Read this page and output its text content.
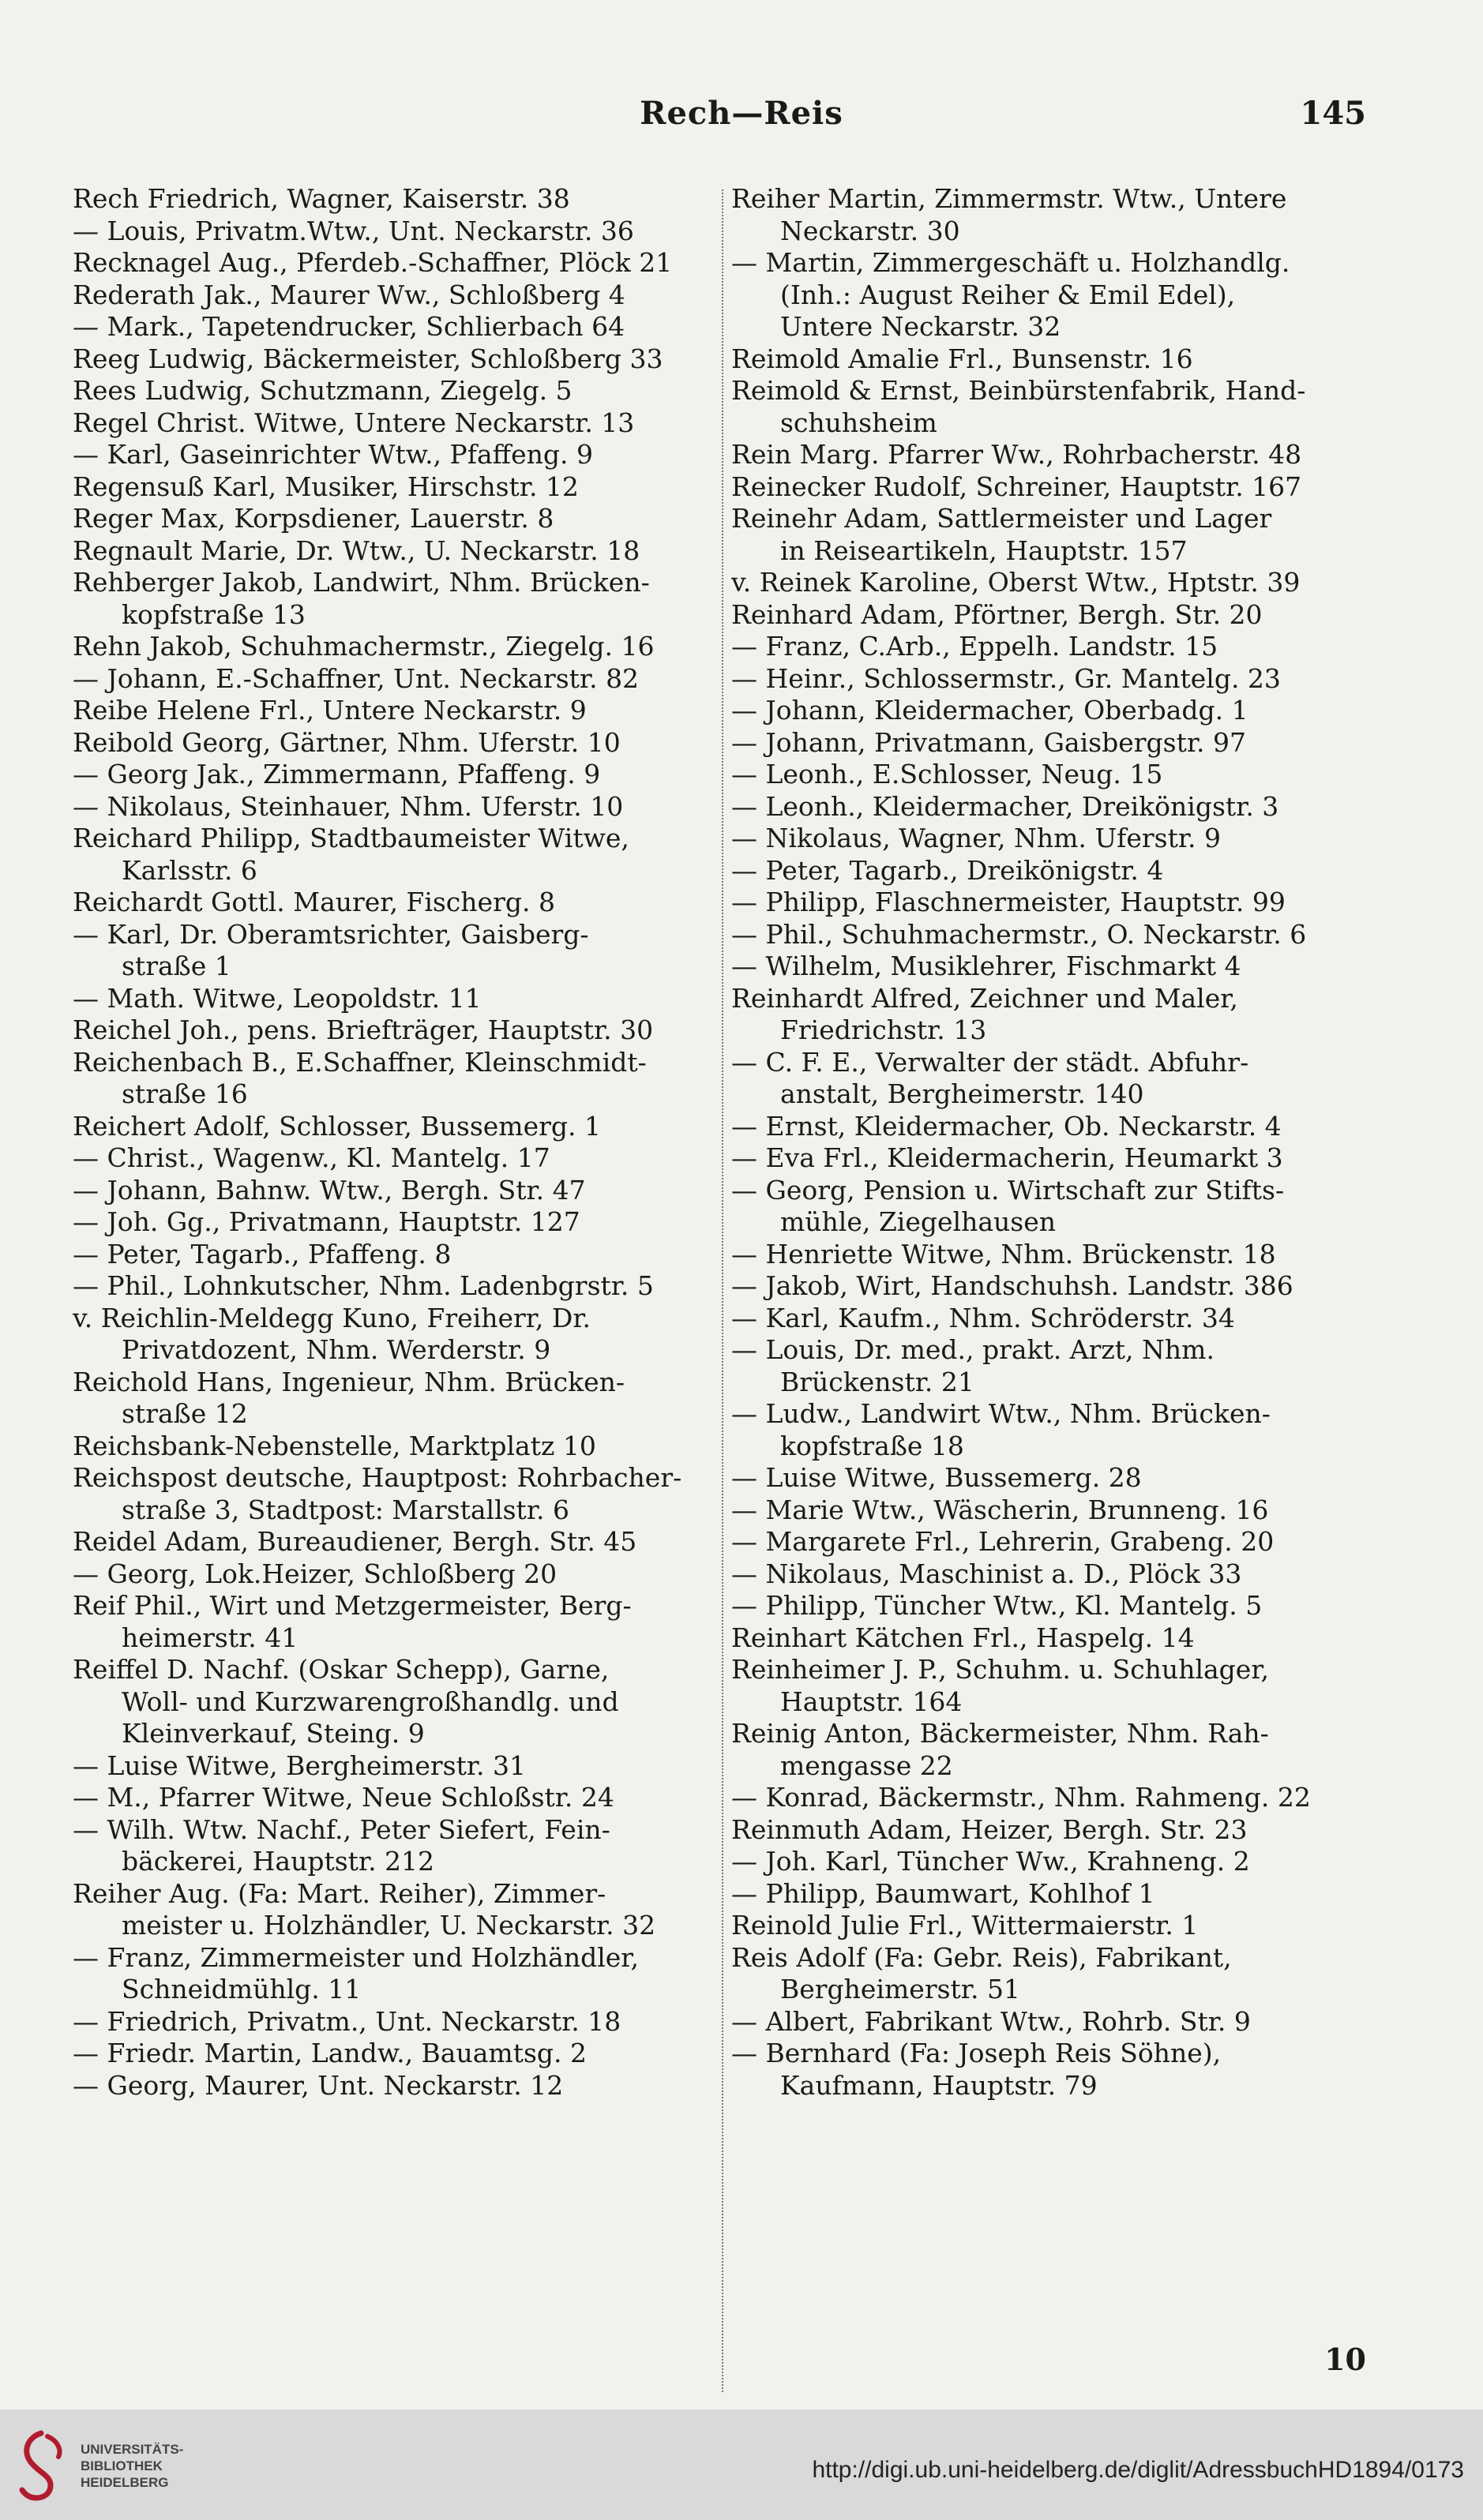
Rech—Reis	145
Rech Friedrich, Wagner, Kaiserstr. 38
— Louis, Privatm.Wtw., Unt. Neckarstr. 36
Recknagel Aug., Pferdeb.-Schaffner, Plöck 21
Rederath Jak., Maurer Ww., Schloßberg 4
— Mark., Tapetendrucker, Schlierbach 64
Reeg Ludwig, Bäckermeister, Schloßberg 33
Rees Ludwig, Schutzmann, Ziegelg. 5
Regel Christ. Witwe, Untere Neckarstr. 13
— Karl, Gaseinrichter Wtw., Pfaffeng. 9
Regensuß Karl, Musiker, Hirschstr. 12
Reger Max, Korpsdiener, Lauerstr. 8
Regnault Marie, Dr. Wtw., U. Neckarstr. 18
Rehberger Jakob, Landwirt, Nhm. Brücken-
kopfstraße 13
Rehn Jakob, Schuhmachermstr., Ziegelg. 16
— Johann, E.-Schaffner, Unt. Neckarstr. 82
Reibe Helene Frl., Untere Neckarstr. 9
Reibold Georg, Gärtner, Nhm. Uferstr. 10
— Georg Jak., Zimmermann, Pfaffeng. 9
— Nikolaus, Steinhauer, Nhm. Uferstr. 10
Reichard Philipp, Stadtbaumeister Witwe,
Karlsstr. 6
Reichardt Gottl. Maurer, Fischerg. 8
— Karl, Dr. Oberamtsrichter, Gaisberg-
straße 1
— Math. Witwe, Leopoldstr. 11
Reichel Joh., pens. Briefträger, Hauptstr. 30
Reichenbach B., E.Schaffner, Kleinschmidt-
straße 16
Reichert Adolf, Schlosser, Bussemerg. 1
— Christ., Wagenw., Kl. Mantelg. 17
— Johann, Bahnw. Wtw., Bergh. Str. 47
— Joh. Gg., Privatmann, Hauptstr. 127
— Peter, Tagarb., Pfaffeng. 8
— Phil., Lohnkutscher, Nhm. Ladenbgrstr. 5
v. Reichlin-Meldegg Kuno, Freiherr, Dr.
Privatdozent, Nhm. Werderstr. 9
Reichold Hans, Ingenieur, Nhm. Brücken-
straße 12
Reichsbank-Nebenstelle, Marktplatz 10
Reichspost deutsche, Hauptpost: Rohrbacher-
straße 3, Stadtpost: Marstallstr. 6
Reidel Adam, Bureaudiener, Bergh. Str. 45
— Georg, Lok.Heizer, Schloßberg 20
Reif Phil., Wirt und Metzgermeister, Berg-
heimerstr. 41
Reiffel D. Nachf. (Oskar Schepp), Garne,
Woll- und Kurzwarengroßhandlg. und
Kleinverkauf, Steing. 9
— Luise Witwe, Bergheimerstr. 31
— M., Pfarrer Witwe, Neue Schloßstr. 24
— Wilh. Wtw. Nachf., Peter Siefert, Fein-
bäckerei, Hauptstr. 212
Reiher Aug. (Fa: Mart. Reiher), Zimmer-
meister u. Holzhändler, U. Neckarstr. 32
— Franz, Zimmermeister und Holzhändler,
Schneidmühlg. 11
— Friedrich, Privatm., Unt. Neckarstr. 18
— Friedr. Martin, Landw., Bauamtsg. 2
— Georg, Maurer, Unt. Neckarstr. 12
Reiher Martin, Zimmermstr. Wtw., Untere
Neckarstr. 30
— Martin, Zimmergeschäft u. Holzhandlg.
(Inh.: August Reiher & Emil Edel),
Untere Neckarstr. 32
Reimold Amalie Frl., Bunsenstr. 16
Reimold & Ernst, Beinbürstenfabrik, Hand-
schuhsheim
Rein Marg. Pfarrer Ww., Rohrbacherstr. 48
Reinecker Rudolf, Schreiner, Hauptstr. 167
Reinehr Adam, Sattlermeister und Lager
in Reiseartikeln, Hauptstr. 157
v. Reinek Karoline, Oberst Wtw., Hptstr. 39
Reinhard Adam, Pförtner, Bergh. Str. 20
— Franz, C.Arb., Eppelh. Landstr. 15
— Heinr., Schlossermstr., Gr. Mantelg. 23
— Johann, Kleidermacher, Oberbadg. 1
— Johann, Privatmann, Gaisbergstr. 97
— Leonh., E.Schlosser, Neug. 15
— Leonh., Kleidermacher, Dreikönigstr. 3
— Nikolaus, Wagner, Nhm. Uferstr. 9
— Peter, Tagarb., Dreikönigstr. 4
— Philipp, Flaschnermeister, Hauptstr. 99
— Phil., Schuhmachermstr., O. Neckarstr. 6
— Wilhelm, Musiklehrer, Fischmarkt 4
Reinhardt Alfred, Zeichner und Maler,
Friedrichstr. 13
— C. F. E., Verwalter der städt. Abfuhr-
anstalt, Bergheimerstr. 140
— Ernst, Kleidermacher, Ob. Neckarstr. 4
— Eva Frl., Kleidermacherin, Heumarkt 3
— Georg, Pension u. Wirtschaft zur Stifts-
mühle, Ziegelhausen
— Henriette Witwe, Nhm. Brückenstr. 18
— Jakob, Wirt, Handschuhsh. Landstr. 386
— Karl, Kaufm., Nhm. Schröderstr. 34
— Louis, Dr. med., prakt. Arzt, Nhm.
Brückenstr. 21
— Ludw., Landwirt Wtw., Nhm. Brücken-
kopfstraße 18
— Luise Witwe, Bussemerg. 28
— Marie Wtw., Wäscherin, Brunneng. 16
— Margarete Frl., Lehrerin, Grabeng. 20
— Nikolaus, Maschinist a. D., Plöck 33
— Philipp, Tüncher Wtw., Kl. Mantelg. 5
Reinhart Kätchen Frl., Haspelg. 14
Reinheimer J. P., Schuhm. u. Schuhlager,
Hauptstr. 164
Reinig Anton, Bäckermeister, Nhm. Rah-
mengasse 22
— Konrad, Bäckermstr., Nhm. Rahmeng. 22
Reinmuth Adam, Heizer, Bergh. Str. 23
— Joh. Karl, Tüncher Ww., Krahneng. 2
— Philipp, Baumwart, Kohlhof 1
Reinold Julie Frl., Wittermaierstr. 1
Reis Adolf (Fa: Gebr. Reis), Fabrikant,
Bergheimerstr. 51
— Albert, Fabrikant Wtw., Rohrb. Str. 9
— Bernhard (Fa: Joseph Reis Söhne),
Kaufmann, Hauptstr. 79
10
UNIVERSITÄTS-
BIBLIOTHEK
HEIDELBERG	http://digi.ub.uni-heidelberg.de/diglit/AdressbuchHD1894/0173
